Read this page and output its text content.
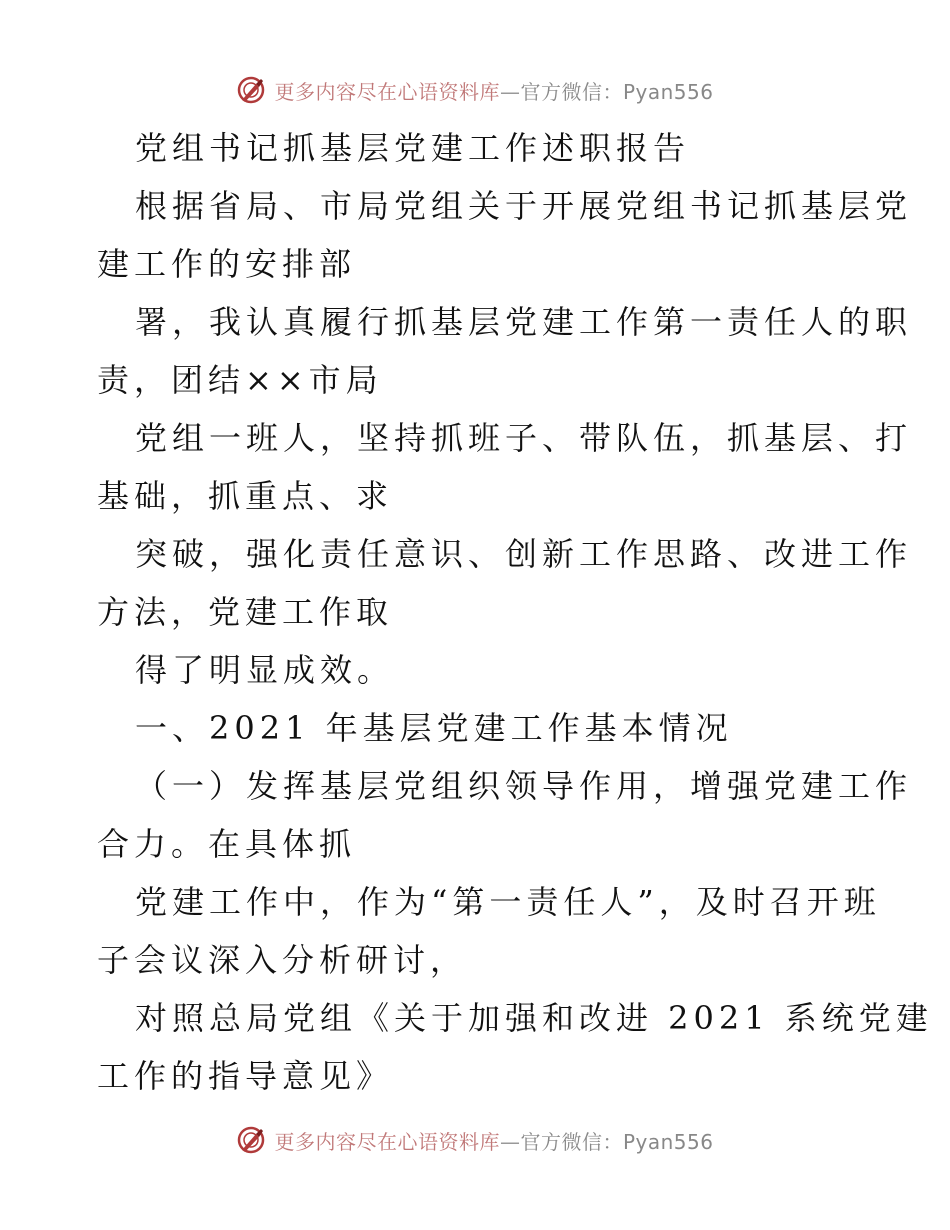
更多内容尽在心语资料库—官方微信：Pyan556
党组书记抓基层党建工作述职报告
根据省局、市局党组关于开展党组书记抓基层党
建工作的安排部
署，我认真履行抓基层党建工作第一责任人的职
责，团结××市局
党组一班人，坚持抓班子、带队伍，抓基层、打
基础，抓重点、求
突破，强化责任意识、创新工作思路、改进工作
方法，党建工作取
得了明显成效。
一、2021 年基层党建工作基本情况
（一）发挥基层党组织领导作用，增强党建工作
合力。在具体抓
党建工作中，作为“第一责任人”，及时召开班
子会议深入分析研讨，
对照总局党组《关于加强和改进 2021 系统党建
工作的指导意见》
更多内容尽在心语资料库—官方微信：Pyan556
